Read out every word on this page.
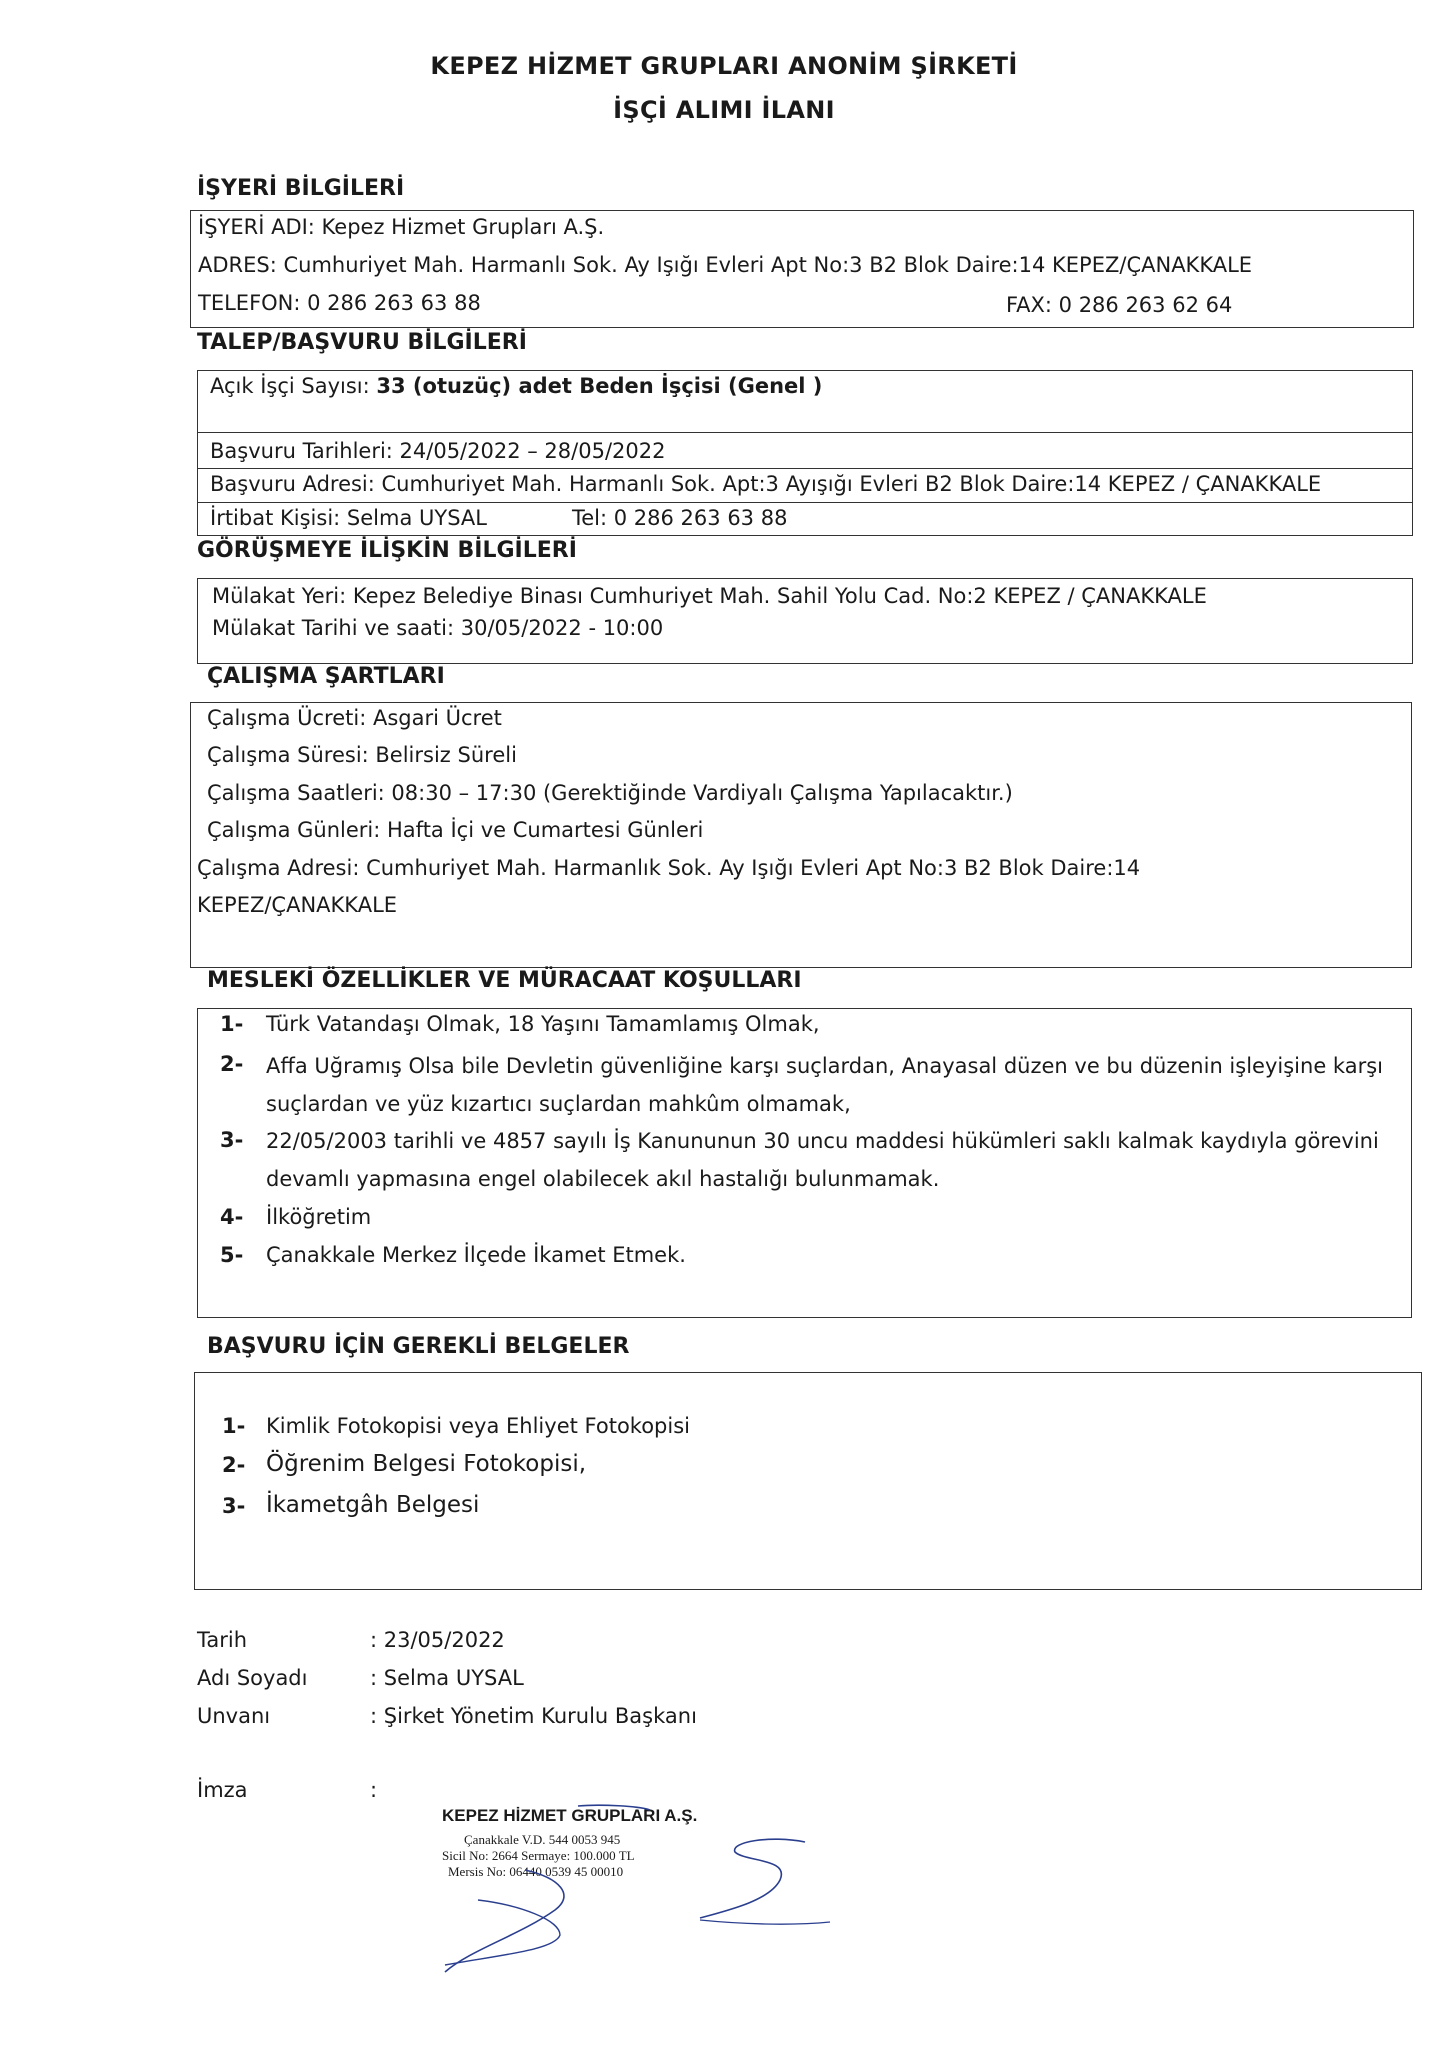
KEPEZ HİZMET GRUPLARI ANONİM ŞİRKETİ
İŞÇİ ALIMI İLANI
İŞYERİ BİLGİLERİ
İŞYERİ ADI: Kepez Hizmet Grupları A.Ş.
ADRES: Cumhuriyet Mah. Harmanlı Sok. Ay Işığı Evleri Apt No:3 B2 Blok Daire:14 KEPEZ/ÇANAKKALE
TELEFON: 0 286 263 63 88	FAX: 0 286 263 62 64
TALEP/BAŞVURU BİLGİLERİ
Açık İşçi Sayısı: 33 (otuzüç) adet Beden İşçisi (Genel )
Başvuru Tarihleri: 24/05/2022 – 28/05/2022
Başvuru Adresi: Cumhuriyet Mah. Harmanlı Sok. Apt:3 Ayışığı Evleri B2 Blok Daire:14 KEPEZ / ÇANAKKALE
İrtibat Kişisi: Selma UYSAL	Tel: 0 286 263 63 88
GÖRÜŞMEYE İLİŞKİN BİLGİLERİ
Mülakat Yeri: Kepez Belediye Binası Cumhuriyet Mah. Sahil Yolu Cad. No:2 KEPEZ / ÇANAKKALE
Mülakat Tarihi ve saati: 30/05/2022 - 10:00
ÇALIŞMA ŞARTLARI
Çalışma Ücreti: Asgari Ücret
Çalışma Süresi: Belirsiz Süreli
Çalışma Saatleri: 08:30 – 17:30 (Gerektiğinde Vardiyalı Çalışma Yapılacaktır.)
Çalışma Günleri: Hafta İçi ve Cumartesi Günleri
Çalışma Adresi: Cumhuriyet Mah. Harmanlık Sok. Ay Işığı Evleri Apt No:3 B2 Blok Daire:14
KEPEZ/ÇANAKKALE
MESLEKİ ÖZELLİKLER VE MÜRACAAT KOŞULLARI
1- Türk Vatandaşı Olmak, 18 Yaşını Tamamlamış Olmak,
2- Affa Uğramış Olsa bile Devletin güvenliğine karşı suçlardan, Anayasal düzen ve bu düzenin işleyişine karşı
suçlardan ve yüz kızartıcı suçlardan mahkûm olmamak,
3- 22/05/2003 tarihli ve 4857 sayılı İş Kanununun 30 uncu maddesi hükümleri saklı kalmak kaydıyla görevini
devamlı yapmasına engel olabilecek akıl hastalığı bulunmamak.
4- İlköğretim
5- Çanakkale Merkez İlçede İkamet Etmek.
BAŞVURU İÇİN GEREKLİ BELGELER
1- Kimlik Fotokopisi veya Ehliyet Fotokopisi
2- Öğrenim Belgesi Fotokopisi,
3- İkametgâh Belgesi
Tarih	: 23/05/2022
Adı Soyadı	: Selma UYSAL
Unvanı	: Şirket Yönetim Kurulu Başkanı
İmza	:
KEPEZ HİZMET GRUPLARI A.Ş.
Çanakkale V.D. 544 0053 945
Sicil No: 2664 Sermaye: 100.000 TL
Mersis No: 06440 0539 45 00010
